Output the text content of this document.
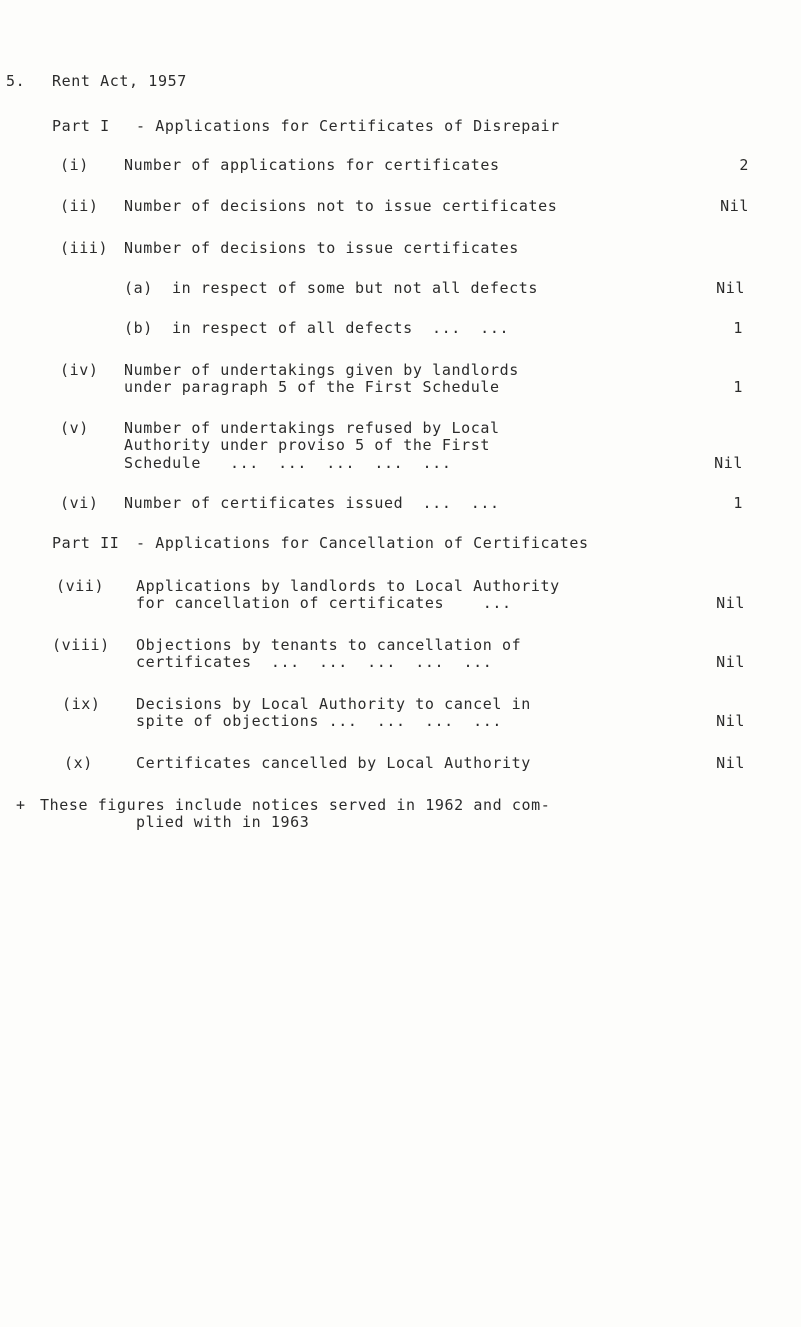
5. Rent Act, 1957
Part I - Applications for Certificates of Disrepair
(i) Number of applications for certificates	2
(ii) Number of decisions not to issue certificates	Nil
(iii) Number of decisions to issue certificates
(a) in respect of some but not all defects	Nil
(b) in respect of all defects  ...  ...	1
(iv) Number of undertakings given by landlords
under paragraph 5 of the First Schedule	1
(v) Number of undertakings refused by Local
Authority under proviso 5 of the First
Schedule   ...  ...  ...  ...  ...	Nil
(vi) Number of certificates issued  ...  ...	1
Part II - Applications for Cancellation of Certificates
(vii) Applications by landlords to Local Authority
for cancellation of certificates    ...	Nil
(viii) Objections by tenants to cancellation of
certificates  ...  ...  ...  ...  ...	Nil
(ix) Decisions by Local Authority to cancel in
spite of objections ...  ...  ...  ...	Nil
(x)	Certificates cancelled by Local Authority	Nil
+ These figures include notices served in 1962 and com-
plied with in 1963
